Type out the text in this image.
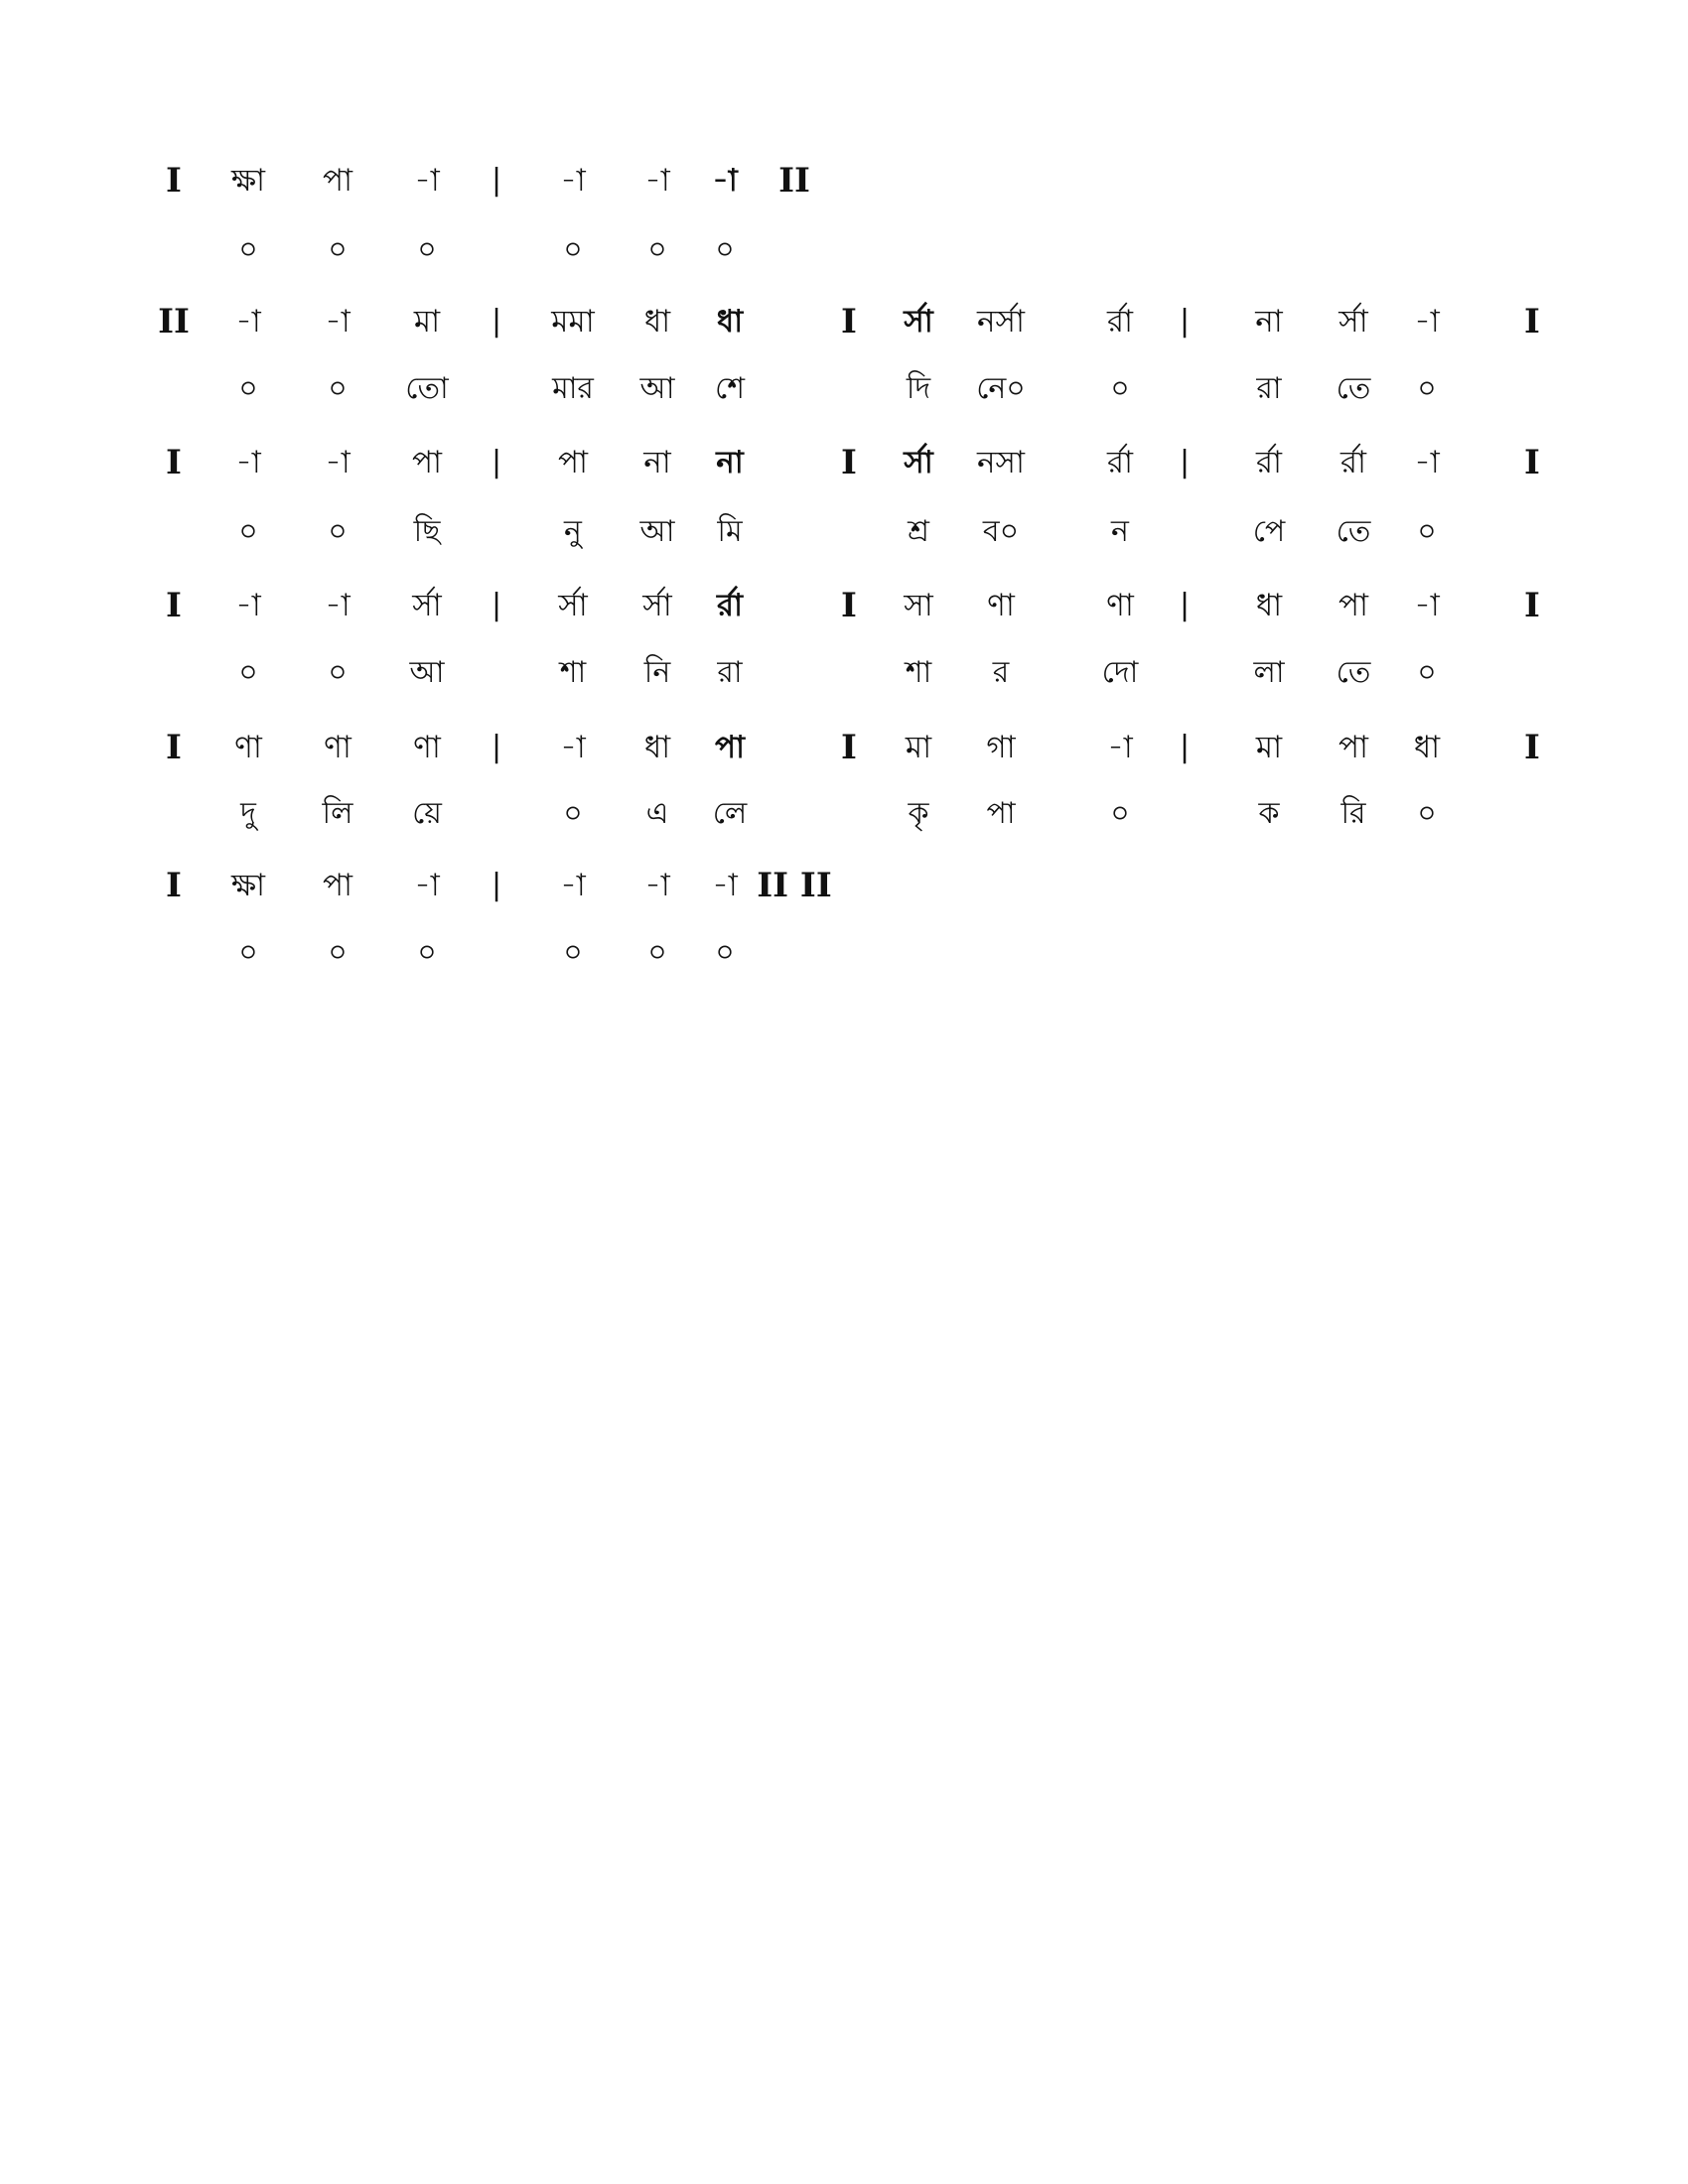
I ক্ষা পা -া | -া -া -া II
০ ০ ০	০ ০ ০
II -া -া মা | মমা ধা ধা	I র্সা নর্সা	র্রা | না র্সা -া	I
০ ০ তো	মার আ শে	দি নে০	০	রা তে ০
I -া -া পা | পা না না	I র্সা নসা	র্রা | র্রা র্রা -া	I
০ ০ ছি	নু আ মি	শ্র ব০	ন	পে তে ০
I -া -া র্সা | র্সা র্সা র্রা	I সা ণা	ণা | ধা পা -া	I
০ ০ আ	শা নি রা	শা র	দো	লা তে ০
I ণা ণা ণা | -া ধা পা	I মা গা	-া | মা পা ধা I
দু লি য়ে	০ এ লে	কৃ পা	০	ক রি ০
I ক্ষা পা -া | -া -া -া II II
০ ০ ০	০ ০ ০
